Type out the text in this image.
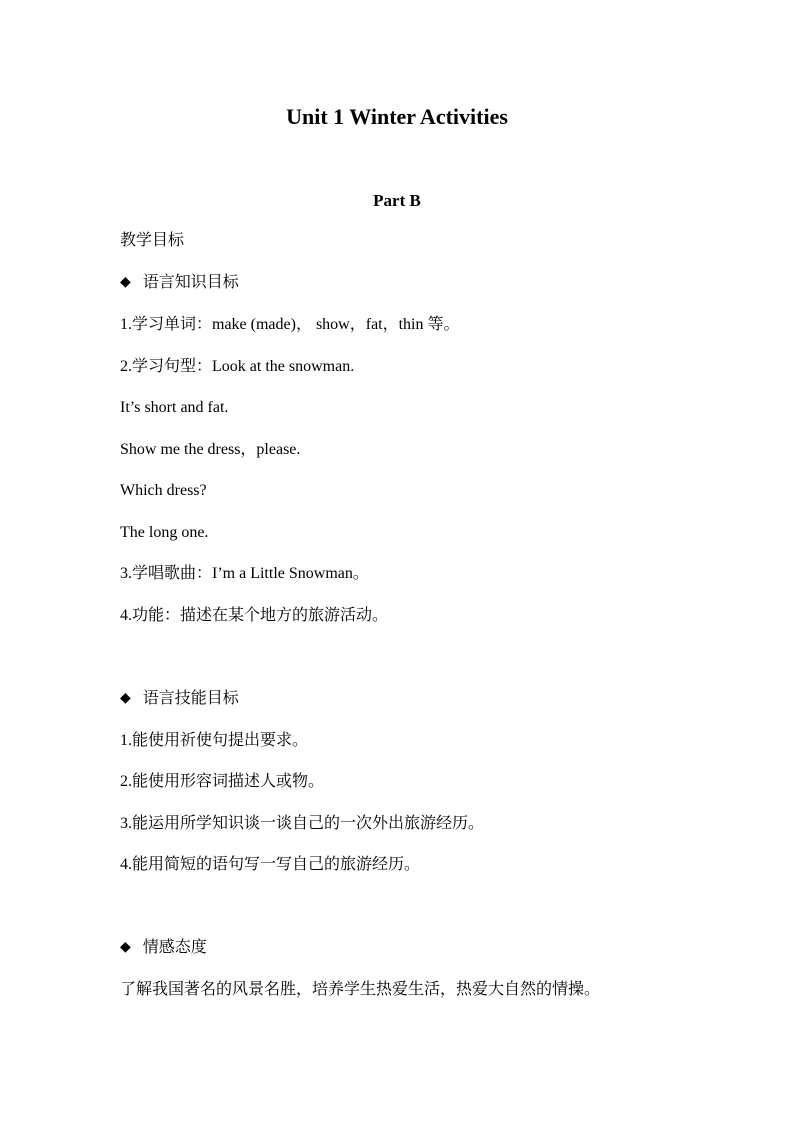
Unit 1 Winter Activities
Part B
教学目标
◆ 语言知识目标
1.学习单词：make (made)， show，fat，thin 等。
2.学习句型：Look at the snowman.
It’s short and fat.
Show me the dress，please.
Which dress?
The long one.
3.学唱歌曲：I’m a Little Snowman。
4.功能：描述在某个地方的旅游活动。
◆ 语言技能目标
1.能使用祈使句提出要求。
2.能使用形容词描述人或物。
3.能运用所学知识谈一谈自己的一次外出旅游经历。
4.能用简短的语句写一写自己的旅游经历。
◆ 情感态度
了解我国著名的风景名胜，培养学生热爱生活，热爱大自然的情操。
